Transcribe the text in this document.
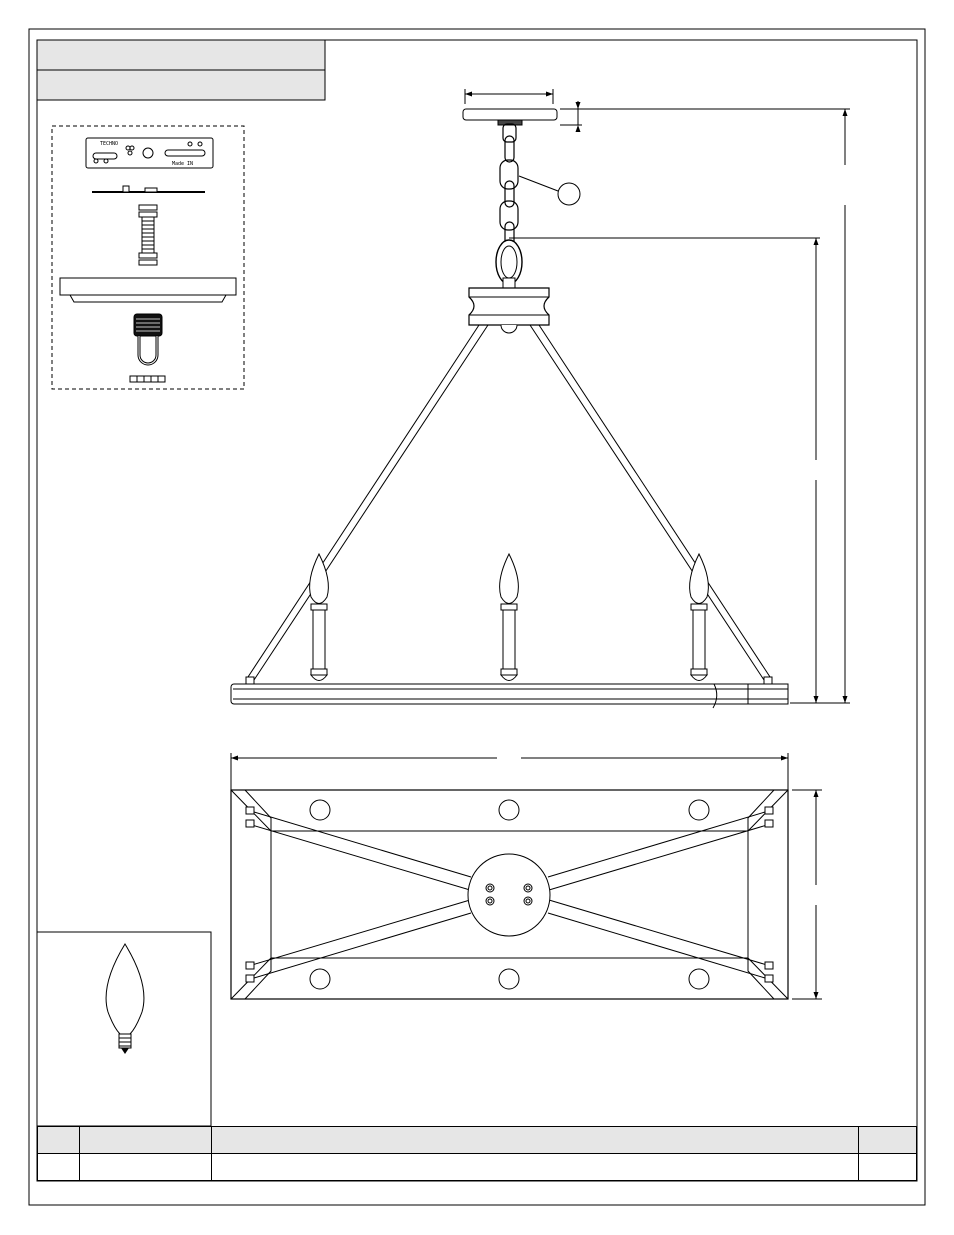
TECHNO
Made IN
